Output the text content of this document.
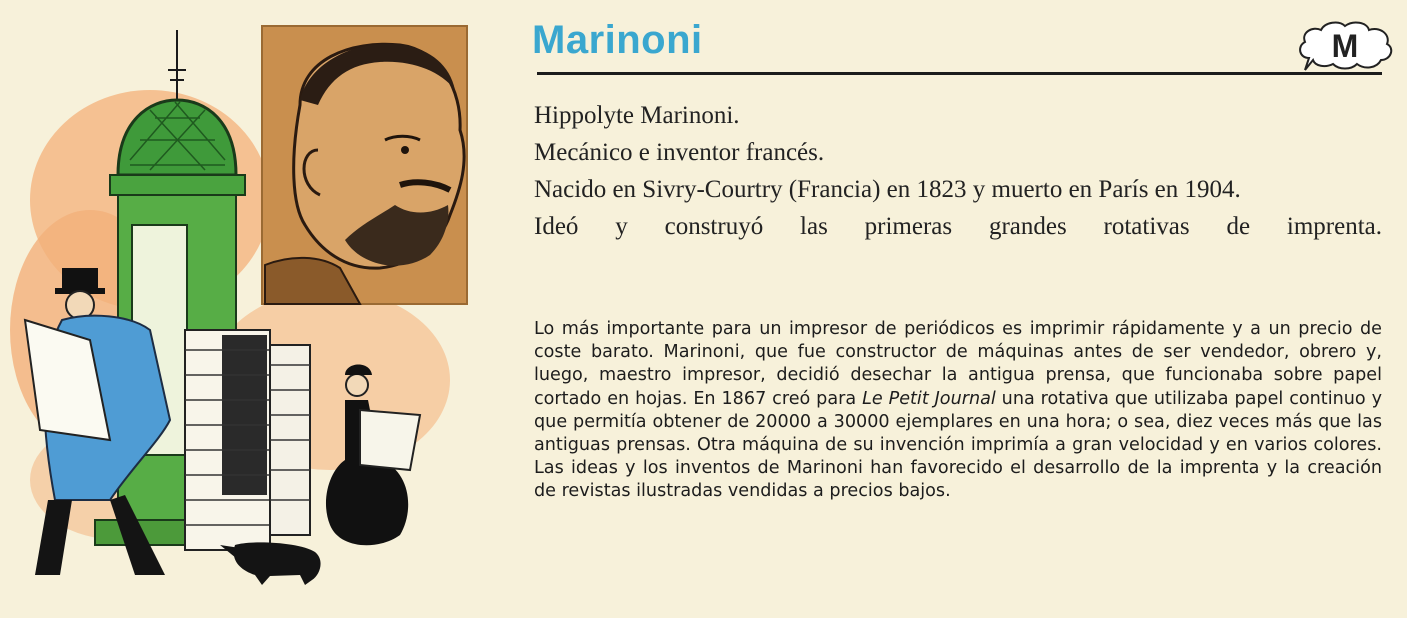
Marinoni	M
Hippolyte Marinoni.
Mecánico e inventor francés.
Nacido en Sivry-Courtry (Francia) en 1823 y muerto en París en 1904.
Ideó y construyó las primeras grandes rotativas de imprenta.

Lo más importante para un impresor de periódicos es imprimir rápidamente y a un precio de coste barato. Marinoni, que fue constructor de máquinas antes de ser vendedor, obrero y, luego, maestro impresor, decidió desechar la antigua prensa, que funcionaba sobre papel cortado en hojas. En 1867 creó para Le Petit Journal una rotativa que utilizaba papel continuo y que permitía obtener de 20000 a 30000 ejemplares en una hora; o sea, diez veces más que las antiguas prensas. Otra máquina de su invención imprimía a gran velocidad y en varios colores. Las ideas y los inventos de Marinoni han favorecido el desarrollo de la imprenta y la creación de revistas ilustradas vendidas a precios bajos.
